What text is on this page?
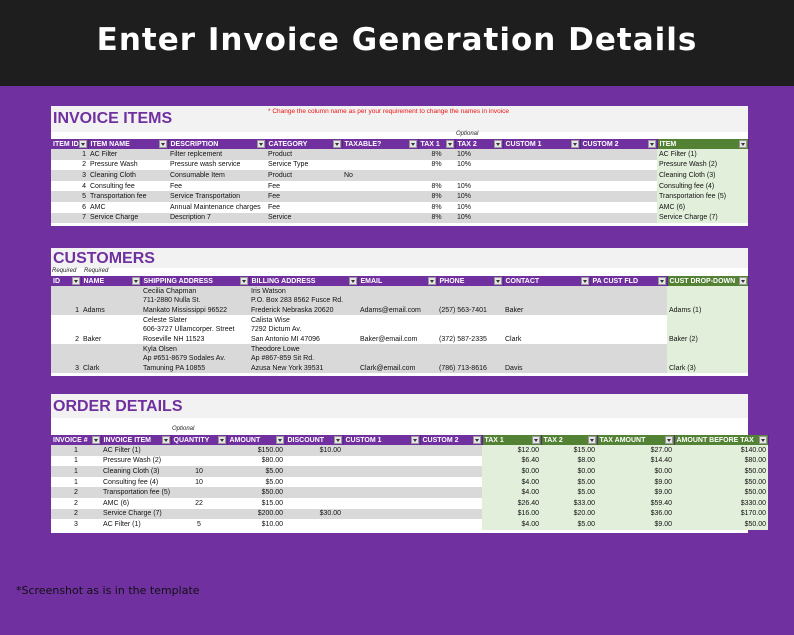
Enter Invoice Generation Details
INVOICE ITEMS	* Change the column name as per your requirement to change the names in invoice
Optional
ITEM ID	ITEM NAME	DESCRIPTION	CATEGORY	TAXABLE?	TAX 1	TAX 2	CUSTOM 1	CUSTOM 2	ITEM

1	AC Filter	Filter replcement	Product		8%	10%			AC Filter (1)
2	Pressure Wash	Pressure wash service	Service Type		8%	10%			Pressure Wash (2)
3	Cleaning Cloth	Consumable Item	Product	No					Cleaning Cloth (3)
4	Consulting fee	Fee	Fee		8%	10%			Consulting fee (4)
5	Transportation fee	Service Transportation	Fee		8%	10%			Transportation fee (5)
6	AMC	Annual Maintenance charges	Fee		8%	10%			AMC (6)
7	Service Charge	Description 7	Service		8%	10%			Service Charge (7)
CUSTOMERS
Required Required
ID	NAME	SHIPPING ADDRESS	BILLING ADDRESS	EMAIL	PHONE	CONTACT	PA CUST FLD	CUST DROP-DOWN

1	Adams	Cecilia Chapman
711-2880 Nulla St.
Mankato Mississippi 96522	Iris Watson
P.O. Box 283 8562 Fusce Rd.
Frederick Nebraska 20620	Adams@email.com	(257) 563-7401	Baker		Adams (1)
2	Baker	Celeste Slater
606-3727 Ullamcorper. Street
Roseville NH 11523	Calista Wise
7292 Dictum Av.
San Antonio MI 47096	Baker@email.com	(372) 587-2335	Clark		Baker (2)
3	Clark	Kyla Olsen
Ap #651-8679 Sodales Av.
Tamuning PA 10855	Theodore Lowe
Ap #867-859 Sit Rd.
Azusa New York 39531	Clark@email.com	(786) 713-8616	Davis		Clark (3)
ORDER DETAILS
Optional
INVOICE #	INVOICE ITEM	QUANTITY	AMOUNT	DISCOUNT	CUSTOM 1	CUSTOM 2	TAX 1	TAX 2	TAX AMOUNT	AMOUNT BEFORE TAX

1	AC Filter (1)		$150.00	$10.00			$12.00	$15.00	$27.00	$140.00
1	Pressure Wash (2)		$80.00				$6.40	$8.00	$14.40	$80.00
1	Cleaning Cloth (3)	10	$5.00				$0.00	$0.00	$0.00	$50.00
1	Consulting fee (4)	10	$5.00				$4.00	$5.00	$9.00	$50.00
2	Transportation fee (5)		$50.00				$4.00	$5.00	$9.00	$50.00
2	AMC (6)	22	$15.00				$26.40	$33.00	$59.40	$330.00
2	Service Charge (7)		$200.00	$30.00			$16.00	$20.00	$36.00	$170.00
3	AC Filter (1)	5	$10.00				$4.00	$5.00	$9.00	$50.00
*Screenshot as is in the template
